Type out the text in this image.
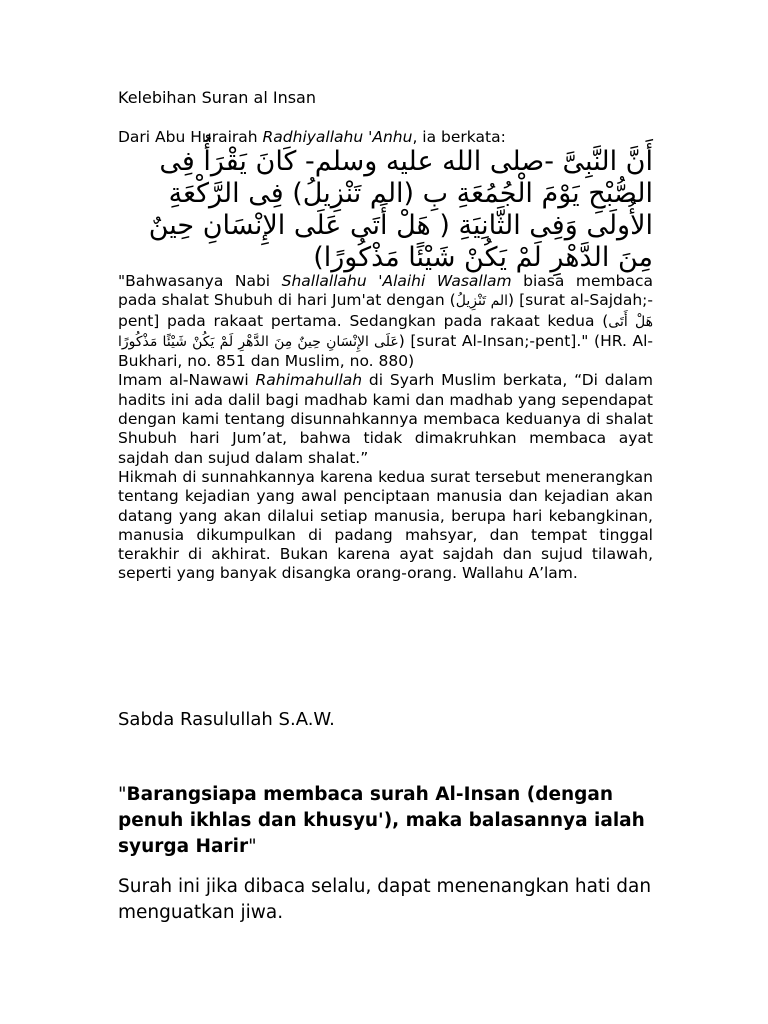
Kelebihan Suran al Insan
Dari Abu Hurairah Radhiyallahu 'Anhu, ia berkata:
أَنَّ النَّبِىَّ -صلى الله عليه وسلم- كَانَ يَقْرَأُ فِى الصُّبْحِ يَوْمَ الْجُمُعَةِ بِ (الم تَنْزِيلُ) فِى الرَّكْعَةِ الأُولَى وَفِى الثَّانِيَةِ ( هَلْ أَتَى عَلَى الإِنْسَانِ حِينٌ مِنَ الدَّهْرِ لَمْ يَكُنْ شَيْئًا مَذْكُورًا)

"Bahwasanya Nabi Shallallahu 'Alaihi Wasallam biasa membaca pada shalat Shubuh di hari Jum'at dengan (الم تَنْزِيلُ) [surat al-Sajdah;-pent] pada rakaat pertama. Sedangkan pada rakaat kedua (هَلْ أَتَى عَلَى الإِنْسَانِ حِينٌ مِنَ الدَّهْرِ لَمْ يَكُنْ شَيْئًا مَذْكُورًا) [surat Al-Insan;-pent]." (HR. Al-Bukhari, no. 851 dan Muslim, no. 880)

Imam al-Nawawi Rahimahullah di Syarh Muslim berkata, “Di dalam hadits ini ada dalil bagi madhab kami dan madhab yang sependapat dengan kami tentang disunnahkannya membaca keduanya di shalat Shubuh hari Jum’at, bahwa tidak dimakruhkan membaca ayat sajdah dan sujud dalam shalat.”

Hikmah di sunnahkannya karena kedua surat tersebut menerangkan tentang kejadian yang awal penciptaan manusia dan kejadian akan datang yang akan dilalui setiap manusia, berupa hari kebangkinan, manusia dikumpulkan di padang mahsyar, dan tempat tinggal terakhir di akhirat. Bukan karena ayat sajdah dan sujud tilawah, seperti yang banyak disangka orang-orang. Wallahu A’lam.

Sabda Rasulullah S.A.W.
"Barangsiapa membaca surah Al-Insan (dengan penuh ikhlas dan khusyu'), maka balasannya ialah syurga Harir"
Surah ini jika dibaca selalu, dapat menenangkan hati dan menguatkan jiwa.
